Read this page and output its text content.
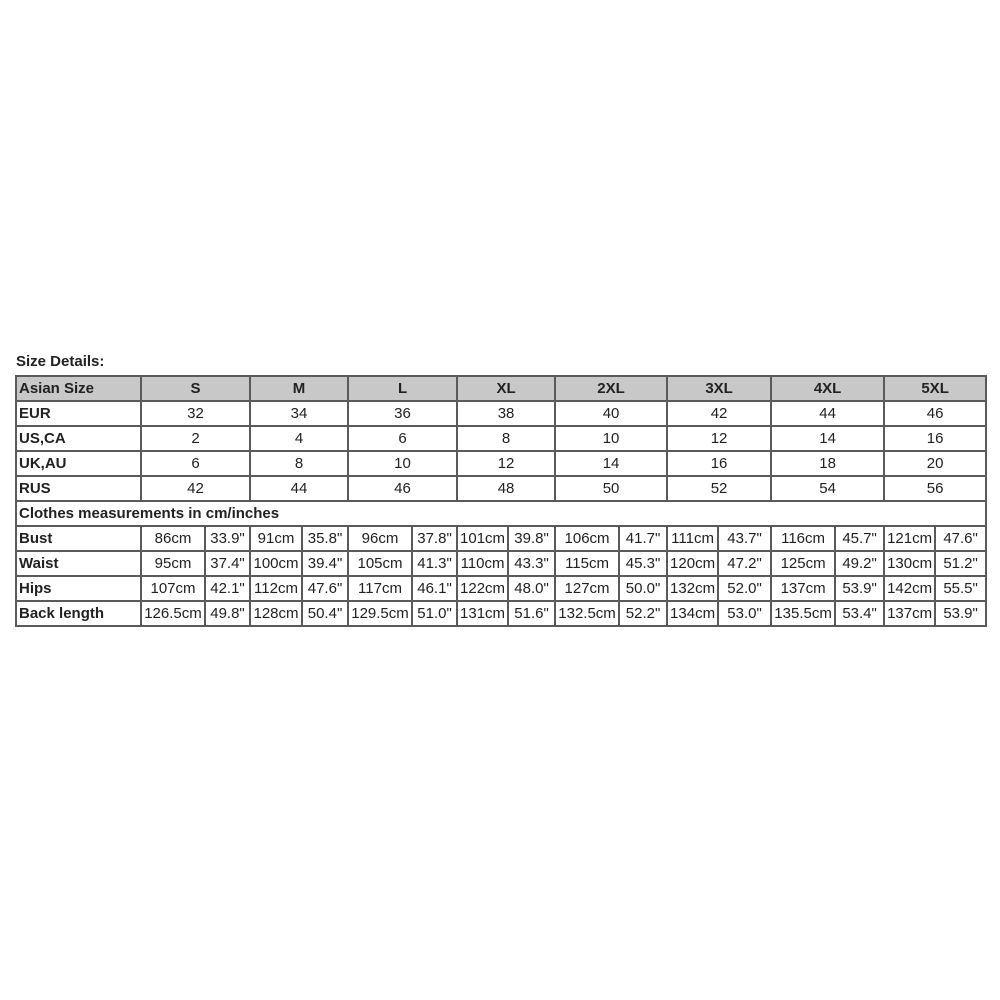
Size Details:
Asian Size	S		M		L		XL		2XL		3XL		4XL		5XL	
EUR	32		34		36		38		40		42		44		46	
US,CA	2		4		6		8		10		12		14		16	
UK,AU	6		8		10		12		14		16		18		20	
RUS	42		44		46		48		50		52		54		56	
Clothes measurements in cm/inches																
Bust	86cm	33.9"	91cm	35.8"	96cm	37.8"	101cm	39.8"	106cm	41.7"	111cm	43.7"	116cm	45.7"	121cm	47.6"
Waist	95cm	37.4"	100cm	39.4"	105cm	41.3"	110cm	43.3"	115cm	45.3"	120cm	47.2"	125cm	49.2"	130cm	51.2"
Hips	107cm	42.1"	112cm	47.6"	117cm	46.1"	122cm	48.0"	127cm	50.0"	132cm	52.0"	137cm	53.9"	142cm	55.5"
Back length	126.5cm	49.8"	128cm	50.4"	129.5cm	51.0"	131cm	51.6"	132.5cm	52.2"	134cm	53.0"	135.5cm	53.4"	137cm	53.9"
